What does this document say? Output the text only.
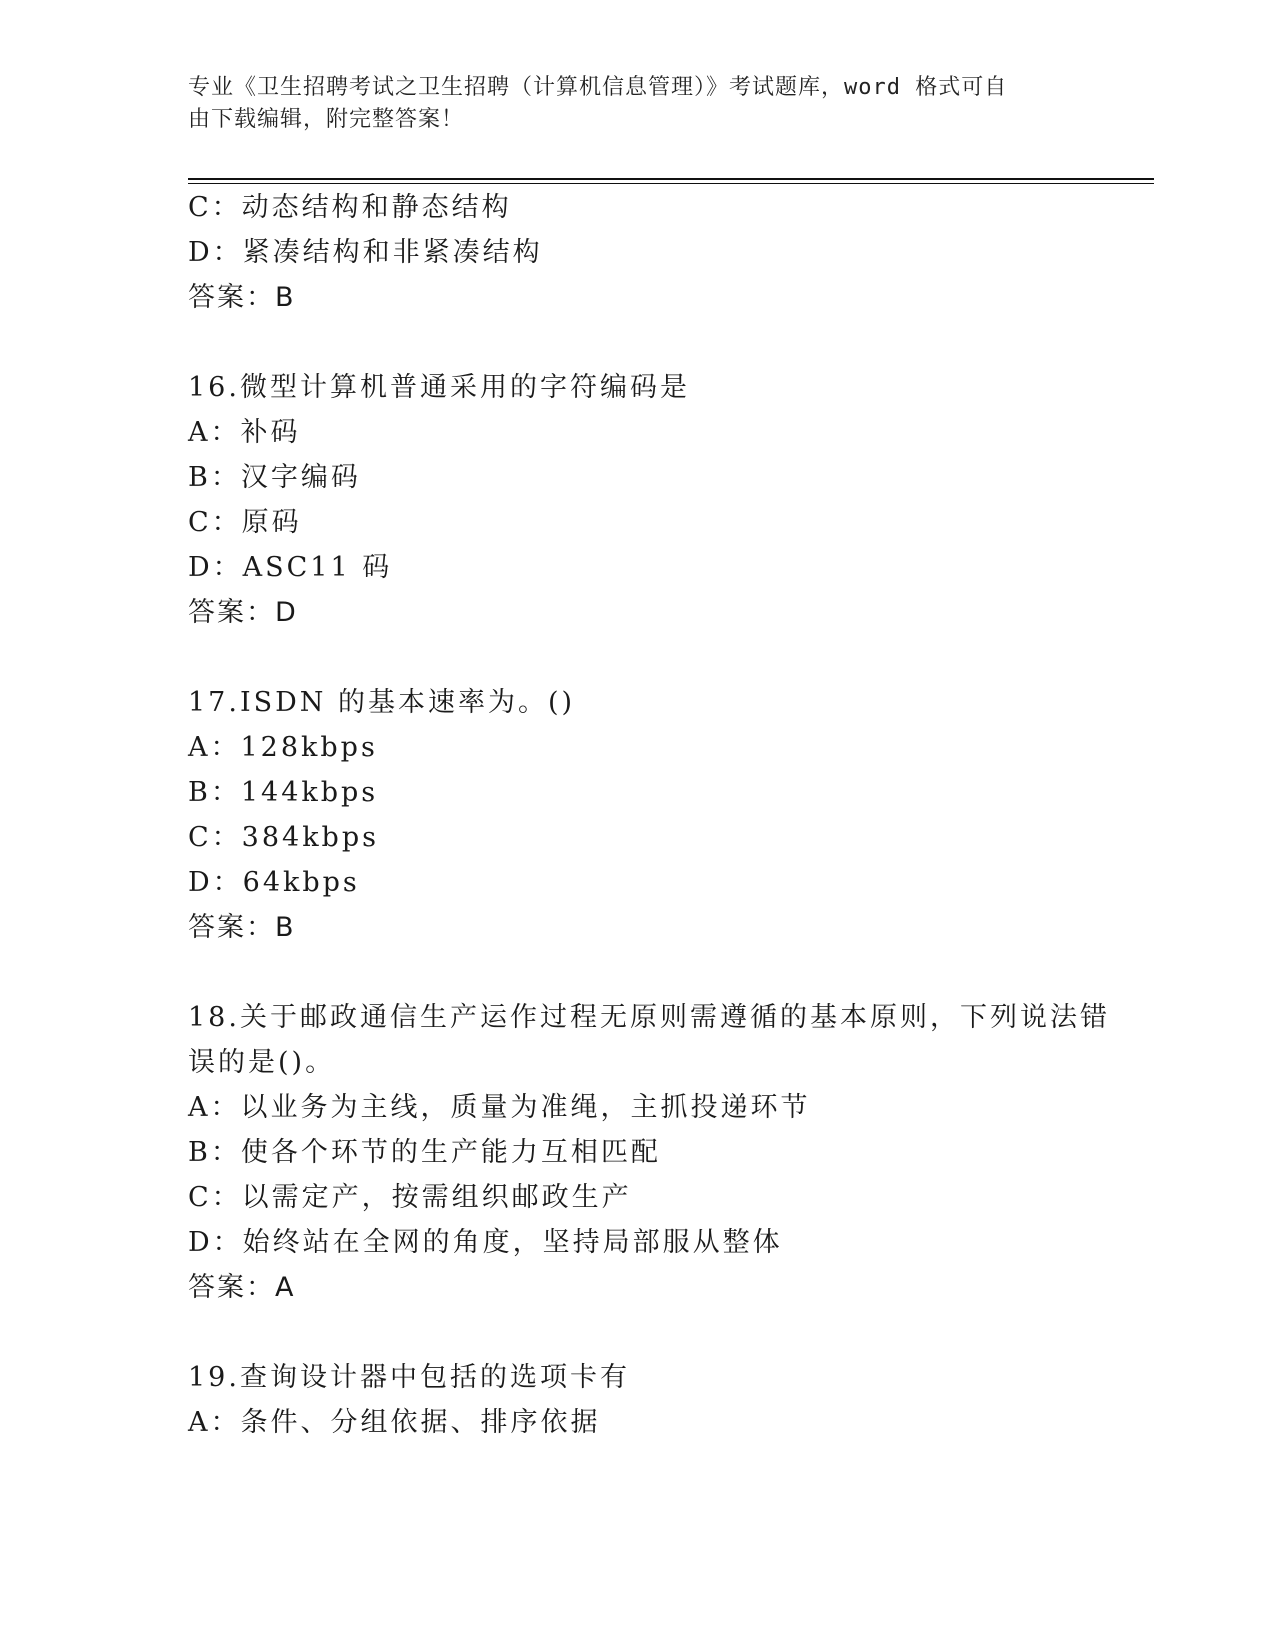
专业《卫生招聘考试之卫生招聘（计算机信息管理）》考试题库，word 格式可自
由下载编辑，附完整答案！
C：动态结构和静态结构
D：紧凑结构和非紧凑结构
答案：B
16.微型计算机普通采用的字符编码是
A：补码
B：汉字编码
C：原码
D：ASC11 码
答案：D
17.ISDN 的基本速率为。()
A：128kbps
B：144kbps
C：384kbps
D：64kbps
答案：B
18.关于邮政通信生产运作过程无原则需遵循的基本原则，下列说法错
误的是()。
A：以业务为主线，质量为准绳，主抓投递环节
B：使各个环节的生产能力互相匹配
C：以需定产，按需组织邮政生产
D：始终站在全网的角度，坚持局部服从整体
答案：A
19.查询设计器中包括的选项卡有
A：条件、分组依据、排序依据
